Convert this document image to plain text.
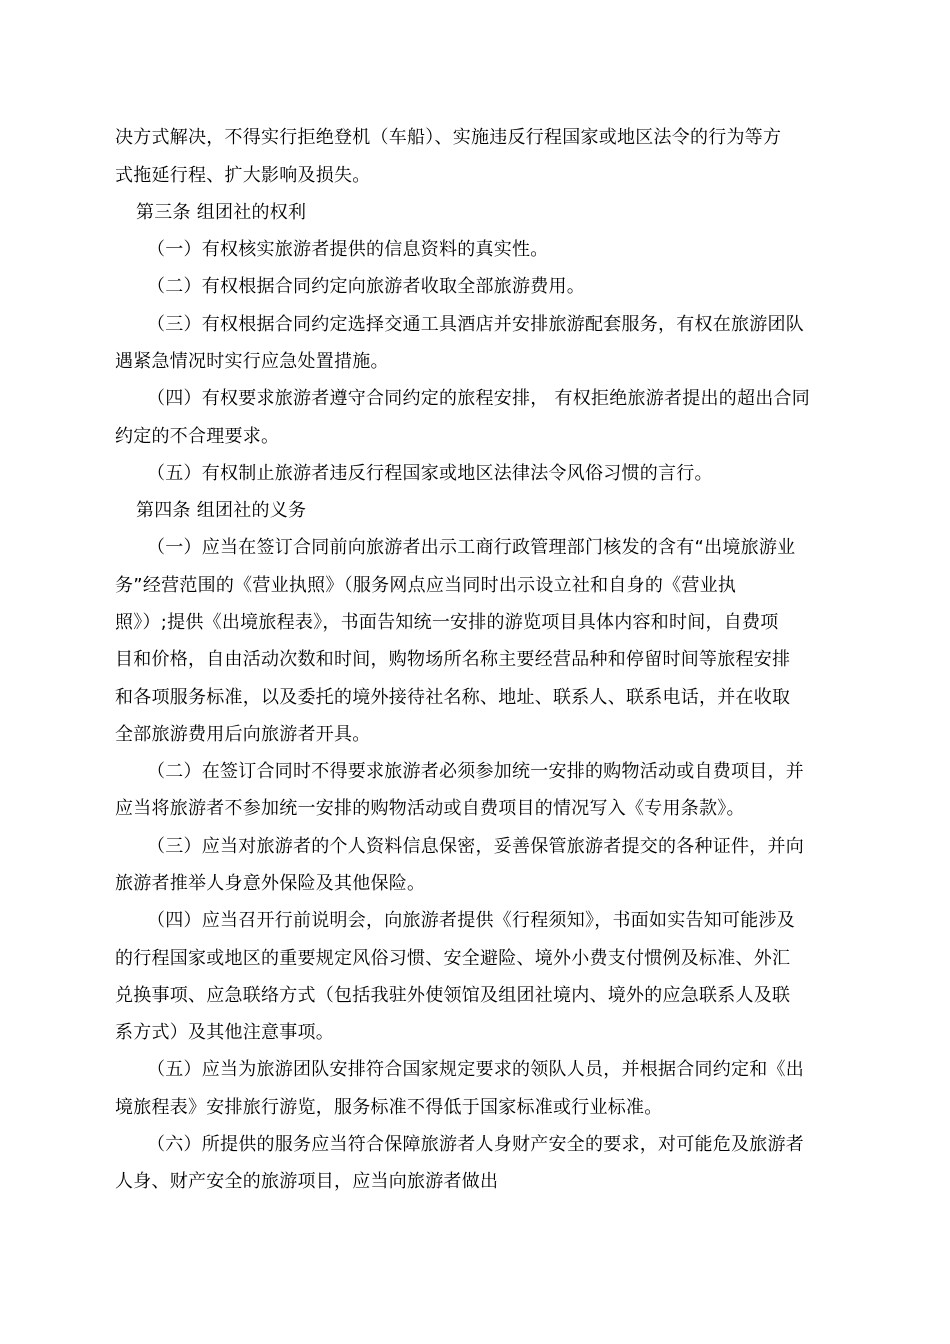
决方式解决，不得实行拒绝登机（车船）、实施违反行程国家或地区法令的行为等方
式拖延行程、扩大影响及损失。
第三条 组团社的权利
（一）有权核实旅游者提供的信息资料的真实性。
（二）有权根据合同约定向旅游者收取全部旅游费用。
（三）有权根据合同约定选择交通工具酒店并安排旅游配套服务，有权在旅游团队
遇紧急情况时实行应急处置措施。
（四）有权要求旅游者遵守合同约定的旅程安排， 有权拒绝旅游者提出的超出合同
约定的不合理要求。
（五）有权制止旅游者违反行程国家或地区法律法令风俗习惯的言行。
第四条 组团社的义务
（一）应当在签订合同前向旅游者出示工商行政管理部门核发的含有“出境旅游业
务”经营范围的《营业执照》（服务网点应当同时出示设立社和自身的《营业执
照》）;提供《出境旅程表》，书面告知统一安排的游览项目具体内容和时间，自费项
目和价格，自由活动次数和时间，购物场所名称主要经营品种和停留时间等旅程安排
和各项服务标准，以及委托的境外接待社名称、地址、联系人、联系电话，并在收取
全部旅游费用后向旅游者开具。
（二）在签订合同时不得要求旅游者必须参加统一安排的购物活动或自费项目，并
应当将旅游者不参加统一安排的购物活动或自费项目的情况写入《专用条款》。
（三）应当对旅游者的个人资料信息保密，妥善保管旅游者提交的各种证件，并向
旅游者推举人身意外保险及其他保险。
（四）应当召开行前说明会，向旅游者提供《行程须知》，书面如实告知可能涉及
的行程国家或地区的重要规定风俗习惯、安全避险、境外小费支付惯例及标准、外汇
兑换事项、应急联络方式（包括我驻外使领馆及组团社境内、境外的应急联系人及联
系方式）及其他注意事项。
（五）应当为旅游团队安排符合国家规定要求的领队人员，并根据合同约定和《出
境旅程表》安排旅行游览，服务标准不得低于国家标准或行业标准。
（六）所提供的服务应当符合保障旅游者人身财产安全的要求，对可能危及旅游者
人身、财产安全的旅游项目，应当向旅游者做出
